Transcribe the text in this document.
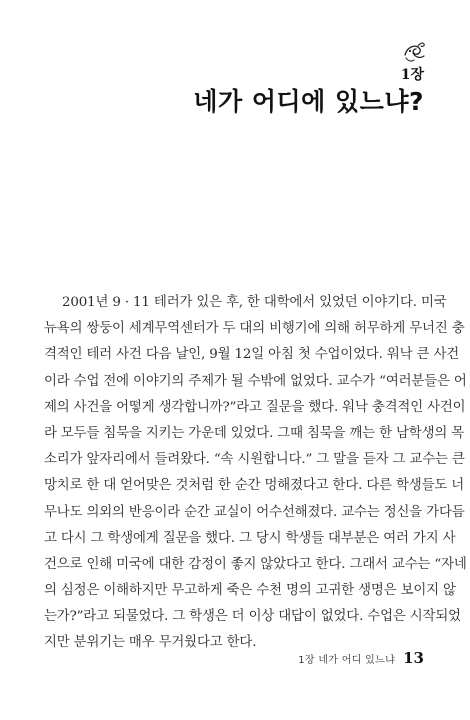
1장
네가 어디에 있느냐?
2001년 9 · 11 테러가 있은 후, 한 대학에서 있었던 이야기다. 미국
뉴욕의 쌍둥이 세계무역센터가 두 대의 비행기에 의해 허무하게 무너진 충
격적인 테러 사건 다음 날인, 9월 12일 아침 첫 수업이었다. 워낙 큰 사건
이라 수업 전에 이야기의 주제가 될 수밖에 없었다. 교수가 “여러분들은 어
제의 사건을 어떻게 생각합니까?”라고 질문을 했다. 워낙 충격적인 사건이
라 모두들 침묵을 지키는 가운데 있었다. 그때 침묵을 깨는 한 남학생의 목
소리가 앞자리에서 들려왔다. “속 시원합니다.” 그 말을 듣자 그 교수는 큰
망치로 한 대 얻어맞은 것처럼 한 순간 멍해졌다고 한다. 다른 학생들도 너
무나도 의외의 반응이라 순간 교실이 어수선해졌다. 교수는 정신을 가다듬
고 다시 그 학생에게 질문을 했다. 그 당시 학생들 대부분은 여러 가지 사
건으로 인해 미국에 대한 감정이 좋지 않았다고 한다. 그래서 교수는 “자네
의 심정은 이해하지만 무고하게 죽은 수천 명의 고귀한 생명은 보이지 않
는가?”라고 되물었다. 그 학생은 더 이상 대답이 없었다. 수업은 시작되었
지만 분위기는 매우 무거웠다고 한다.
1장 네가 어디 있느냐 13
